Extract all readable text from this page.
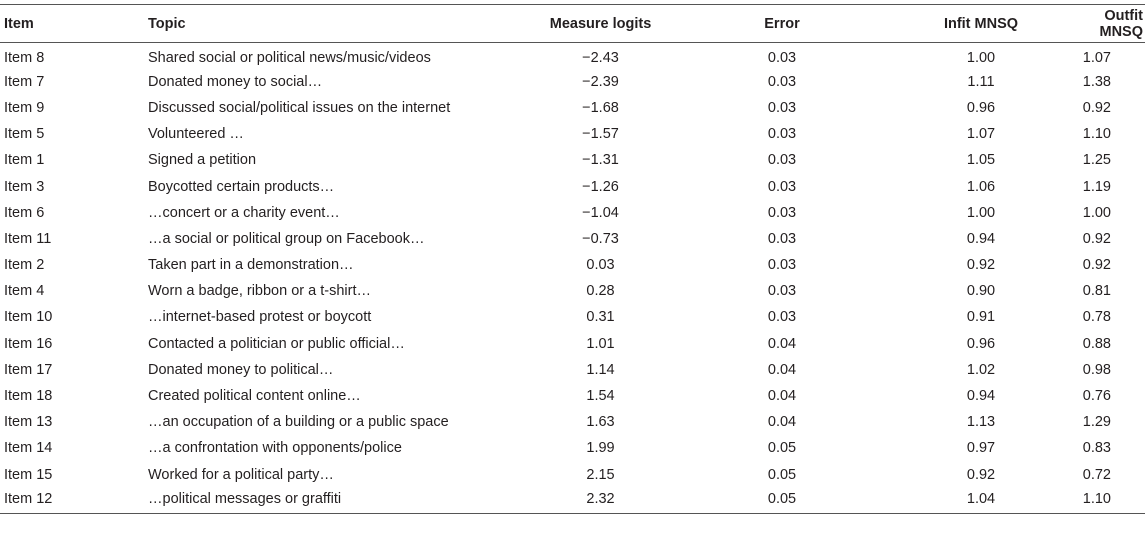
Item	Topic	Measure logits	Error	Infit MNSQ	Outfit MNSQ
Item 8	Shared social or political news/music/videos	−2.43	0.03	1.00	1.07
Item 7	Donated money to social…	−2.39	0.03	1.11	1.38
Item 9	Discussed social/political issues on the internet	−1.68	0.03	0.96	0.92
Item 5	Volunteered …	−1.57	0.03	1.07	1.10
Item 1	Signed a petition	−1.31	0.03	1.05	1.25
Item 3	Boycotted certain products…	−1.26	0.03	1.06	1.19
Item 6	…concert or a charity event…	−1.04	0.03	1.00	1.00
Item 11	…a social or political group on Facebook…	−0.73	0.03	0.94	0.92
Item 2	Taken part in a demonstration…	0.03	0.03	0.92	0.92
Item 4	Worn a badge, ribbon or a t-shirt…	0.28	0.03	0.90	0.81
Item 10	…internet-based protest or boycott	0.31	0.03	0.91	0.78
Item 16	Contacted a politician or public official…	1.01	0.04	0.96	0.88
Item 17	Donated money to political…	1.14	0.04	1.02	0.98
Item 18	Created political content online…	1.54	0.04	0.94	0.76
Item 13	…an occupation of a building or a public space	1.63	0.04	1.13	1.29
Item 14	…a confrontation with opponents/police	1.99	0.05	0.97	0.83
Item 15	Worked for a political party…	2.15	0.05	0.92	0.72
Item 12	…political messages or graffiti	2.32	0.05	1.04	1.10
